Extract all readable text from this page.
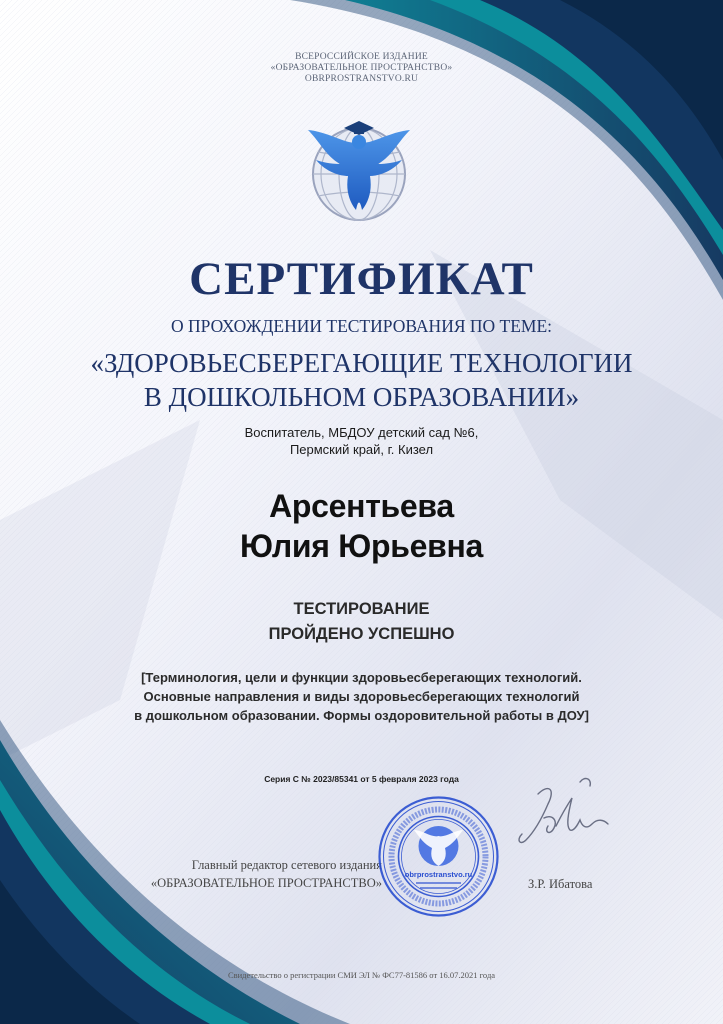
ВСЕРОССИЙСКОЕ ИЗДАНИЕ
«ОБРАЗОВАТЕЛЬНОЕ ПРОСТРАНСТВО»
OBRPROSTRANSTVO.RU
СЕРТИФИКАТ
О ПРОХОЖДЕНИИ ТЕСТИРОВАНИЯ ПО ТЕМЕ:
«ЗДОРОВЬЕСБЕРЕГАЮЩИЕ ТЕХНОЛОГИИ
В ДОШКОЛЬНОМ ОБРАЗОВАНИИ»
Воспитатель, МБДОУ детский сад №6,
Пермский край, г. Кизел
Арсентьева
Юлия Юрьевна
ТЕСТИРОВАНИЕ
ПРОЙДЕНО УСПЕШНО
[Терминология, цели и функции здоровьесберегающих технологий.
Основные направления и виды здоровьесберегающих технологий
в дошкольном образовании. Формы оздоровительной работы в ДОУ]
Серия С № 2023/85341 от 5 февраля 2023 года
Главный редактор сетевого издания
«ОБРАЗОВАТЕЛЬНОЕ ПРОСТРАНСТВО»
obrprostranstvo.ru
З.Р. Ибатова
Свидетельство о регистрации СМИ ЭЛ № ФС77-81586 от 16.07.2021 года
